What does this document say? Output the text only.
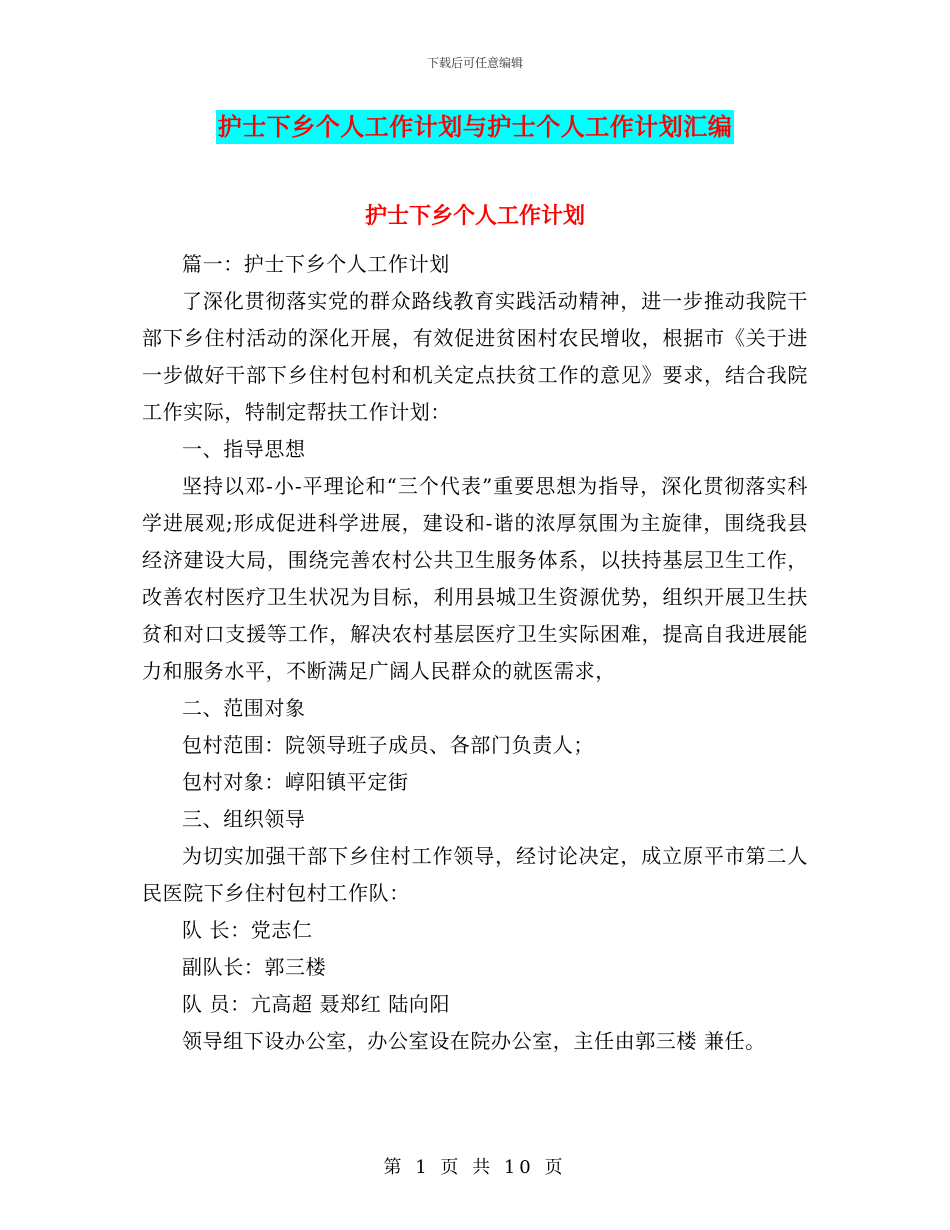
下载后可任意编辑
护士下乡个人工作计划与护士个人工作计划汇编
护士下乡个人工作计划

篇一：护士下乡个人工作计划

了深化贯彻落实党的群众路线教育实践活动精神，进一步推动我院干部下乡住村活动的深化开展，有效促进贫困村农民增收，根据市《关于进一步做好干部下乡住村包村和机关定点扶贫工作的意见》要求，结合我院工作实际，特制定帮扶工作计划：

一、指导思想

坚持以邓-小-平理论和“三个代表”重要思想为指导，深化贯彻落实科学进展观;形成促进科学进展，建设和-谐的浓厚氛围为主旋律，围绕我县经济建设大局，围绕完善农村公共卫生服务体系，以扶持基层卫生工作，改善农村医疗卫生状况为目标，利用县城卫生资源优势，组织开展卫生扶贫和对口支援等工作，解决农村基层医疗卫生实际困难，提高自我进展能力和服务水平，不断满足广阔人民群众的就医需求，

二、范围对象

包村范围：院领导班子成员、各部门负责人；

包村对象：崞阳镇平定街

三、组织领导

为切实加强干部下乡住村工作领导，经讨论决定，成立原平市第二人民医院下乡住村包村工作队：

队 长：党志仁

副队长：郭三楼

队 员：亢高超 聂郑红 陆向阳

领导组下设办公室，办公室设在院办公室，主任由郭三楼 兼任。

第 1 页 共 10 页
